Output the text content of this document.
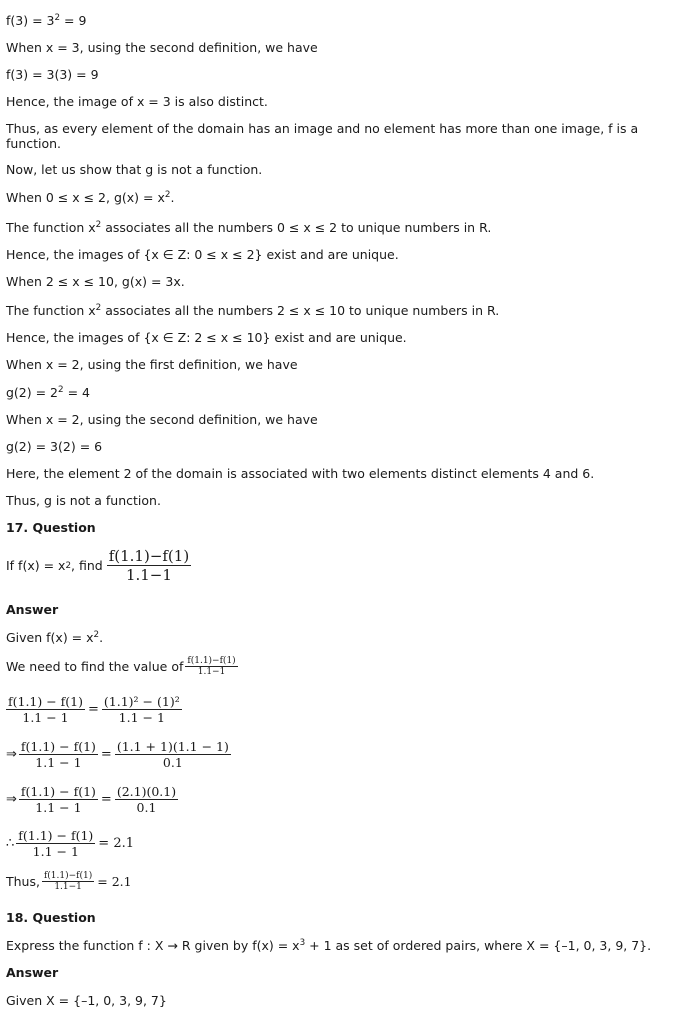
$f(3) = 3^2 = 9$
When x = 3, using the second definition, we have
f(3) = 3(3) = 9
Hence, the image of x = 3 is also distinct.
Thus, as every element of the domain has an image and no element has more than one image, f is a function.
Now, let us show that g is not a function.
When 0 ≤ x ≤ 2, $g(x) = x^2$.
The function $x^2$ associates all the numbers 0 ≤ x ≤ 2 to unique numbers in R.
Hence, the images of {x ∈ Z: 0 ≤ x ≤ 2} exist and are unique.
When 2 ≤ x ≤ 10, g(x) = 3x.
The function $x^2$ associates all the numbers 2 ≤ x ≤ 10 to unique numbers in R.
Hence, the images of {x ∈ Z: 2 ≤ x ≤ 10} exist and are unique.
When x = 2, using the first definition, we have
$g(2) = 2^2 = 4$
When x = 2, using the second definition, we have
g(2) = 3(2) = 6
Here, the element 2 of the domain is associated with two elements distinct elements 4 and 6.
Thus, g is not a function.
17. Question
If f(x) = x 2 , find $\frac{f(1.1)-f(1)}{1.1-1}$
Answer
Given $f(x) = x^2$.
We need to find the value of $\frac{f(1.1)-f(1)}{1.1-1}$
$\frac{f(1.1) - f(1)}{1.1 - 1} = \frac{\text{(1.1)² − (1)²}}{1.1 - 1}$
⇒ $\frac{f(1.1) - f(1)}{1.1 - 1} = \frac{(1.1 + 1)(1.1 - 1)}{0.1}$
⇒ $\frac{f(1.1) - f(1)}{1.1 - 1} = \frac{(2.1)(0.1)}{0.1}$
∴ $\frac{f(1.1) - f(1)}{1.1 - 1} = 2.1$
Thus, $\frac{f(1.1)-f(1)}{1.1-1} = 2.1$
18. Question
Express the function f : X → R given by $f(x) = x^3 + 1$ as set of ordered pairs, where X = {–1, 0, 3, 9, 7}.
Answer
Given X = {–1, 0, 3, 9, 7}
